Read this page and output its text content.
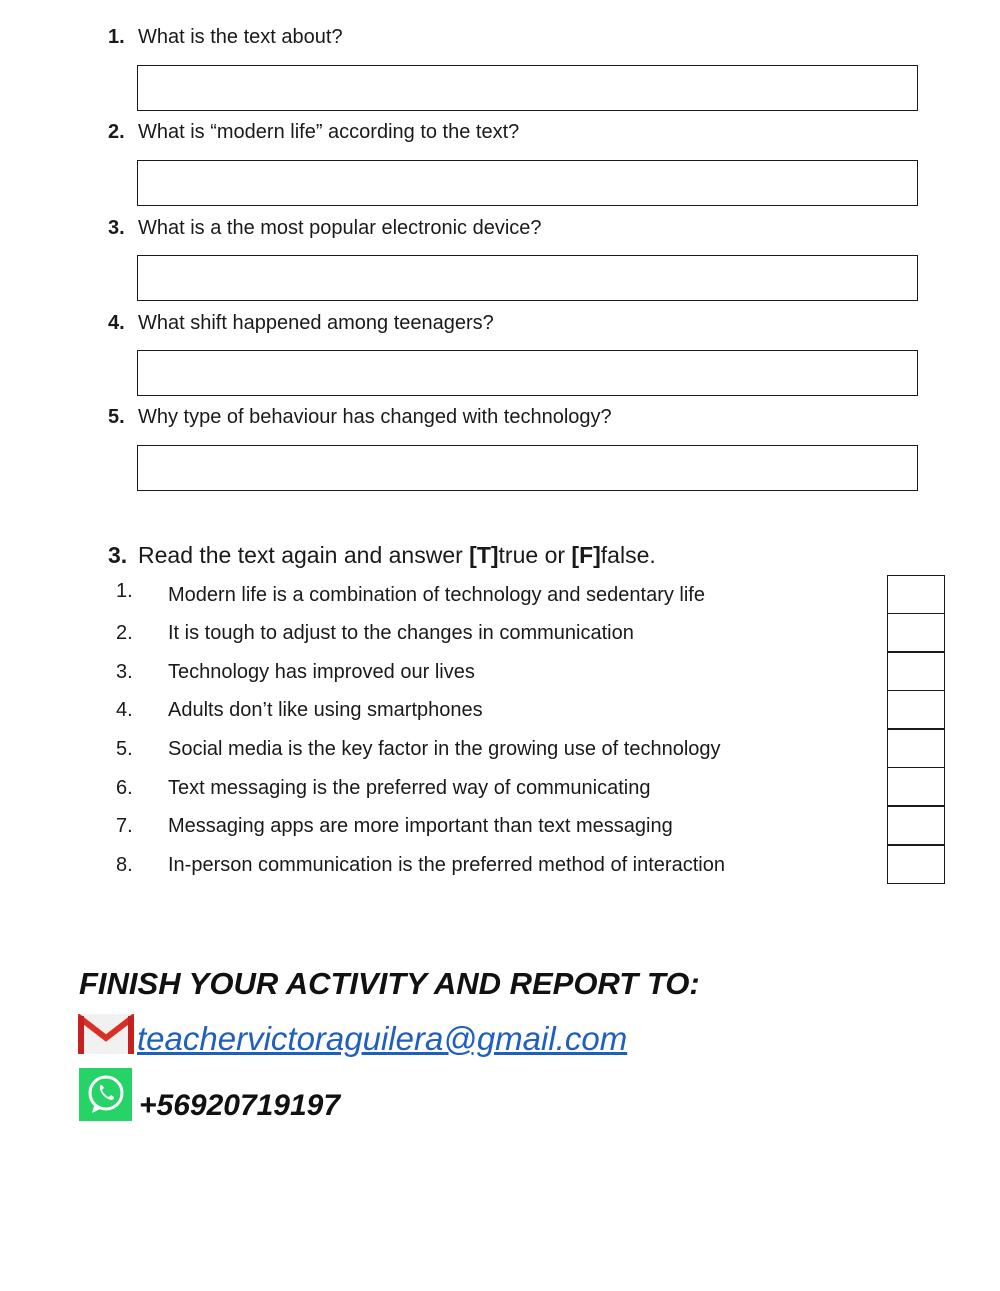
1. What is the text about?
2. What is “modern life” according to the text?
3. What is a the most popular electronic device?
4. What shift happened among teenagers?
5. Why type of behaviour has changed with technology?
3. Read the text again and answer [T]true or [F]false.
1. Modern life is a combination of technology and sedentary life
2. It is tough to adjust to the changes in communication
3. Technology has improved our lives
4. Adults don’t like using smartphones
5. Social media is the key factor in the growing use of technology
6. Text messaging is the preferred way of communicating
7. Messaging apps are more important than text messaging
8. In-person communication is the preferred method of interaction
FINISH YOUR ACTIVITY AND REPORT TO:
teachervictoraguilera@gmail.com
+56920719197
